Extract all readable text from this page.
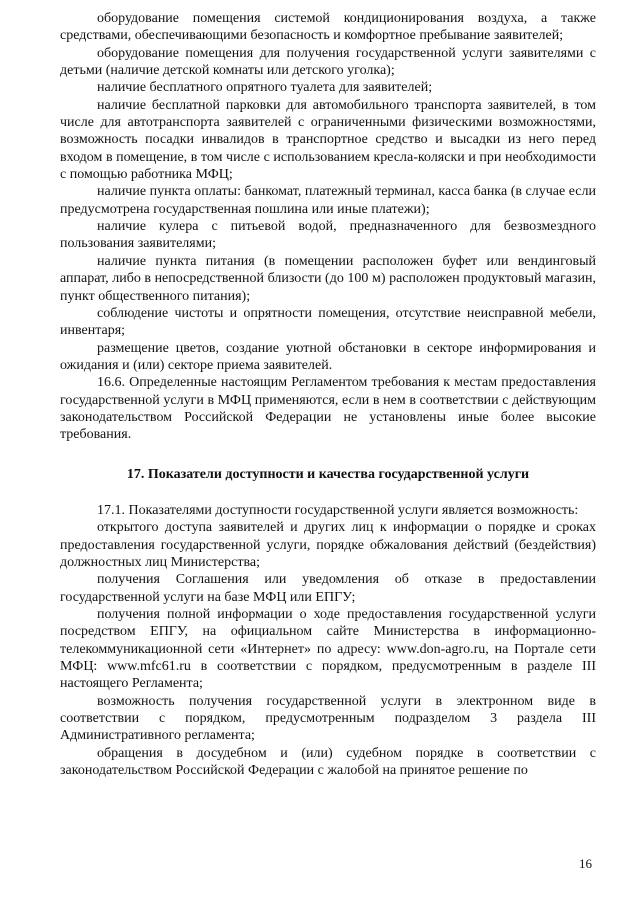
оборудование помещения системой кондиционирования воздуха, а также средствами, обеспечивающими безопасность и комфортное пребывание заявителей;

оборудование помещения для получения государственной услуги заявителями с детьми (наличие детской комнаты или детского уголка);

наличие бесплатного опрятного туалета для заявителей;

наличие бесплатной парковки для автомобильного транспорта заявителей, в том числе для автотранспорта заявителей с ограниченными физическими возможностями, возможность посадки инвалидов в транспортное средство и высадки из него перед входом в помещение, в том числе с использованием кресла-коляски и при необходимости с помощью работника МФЦ;

наличие пункта оплаты: банкомат, платежный терминал, касса банка (в случае если предусмотрена государственная пошлина или иные платежи);

наличие кулера с питьевой водой, предназначенного для безвозмездного пользования заявителями;

наличие пункта питания (в помещении расположен буфет или вендинговый аппарат, либо в непосредственной близости (до 100 м) расположен продуктовый магазин, пункт общественного питания);

соблюдение чистоты и опрятности помещения, отсутствие неисправной мебели, инвентаря;

размещение цветов, создание уютной обстановки в секторе информирования и ожидания и (или) секторе приема заявителей.

16.6. Определенные настоящим Регламентом требования к местам предоставления государственной услуги в МФЦ применяются, если в нем в соответствии с действующим законодательством Российской Федерации не установлены иные более высокие требования.

17. Показатели доступности и качества государственной услуги

17.1. Показателями доступности государственной услуги является возможность:

открытого доступа заявителей и других лиц к информации о порядке и сроках предоставления государственной услуги, порядке обжалования действий (бездействия) должностных лиц Министерства;

получения Соглашения или уведомления об отказе в предоставлении государственной услуги на базе МФЦ или ЕПГУ;

получения полной информации о ходе предоставления государственной услуги посредством ЕПГУ, на официальном сайте Министерства в информационно-телекоммуникационной сети «Интернет» по адресу: www.don-agro.ru, на Портале сети МФЦ: www.mfc61.ru в соответствии с порядком, предусмотренным в разделе III настоящего Регламента;

возможность получения государственной услуги в электронном виде в соответствии с порядком, предусмотренным подразделом 3 раздела III Административного регламента;

обращения в досудебном и (или) судебном порядке в соответствии с законодательством Российской Федерации с жалобой на принятое решение по

16
